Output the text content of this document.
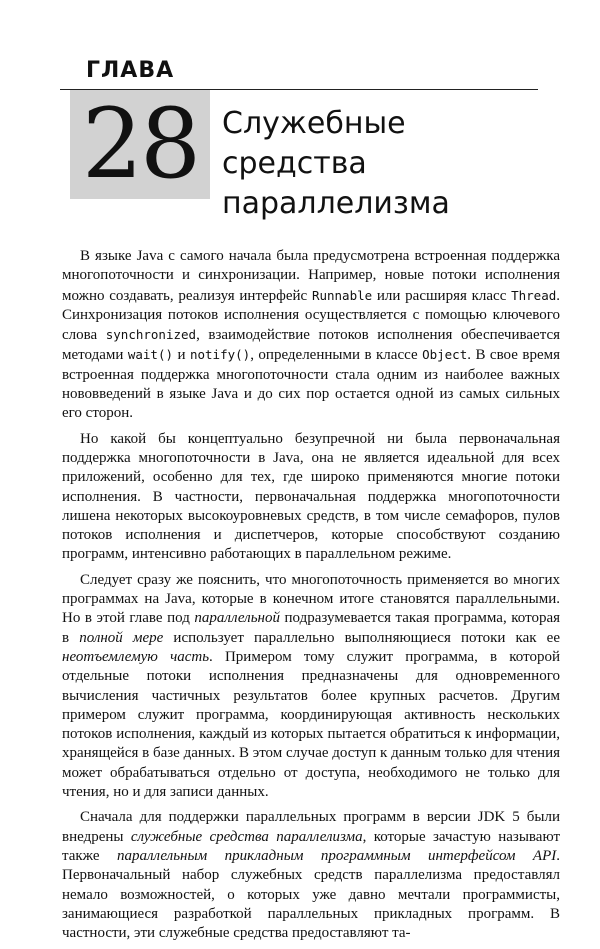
ГЛАВА
28 Служебные средства
параллелизма

В языке Java с самого начала была предусмотрена встроенная поддержка многопоточности и синхронизации. Например, новые потоки исполнения можно создавать, реализуя интерфейс Runnable или расширяя класс Thread. Синхронизация потоков исполнения осуществляется с помощью ключевого слова synchronized, взаимодействие потоков исполнения обеспечивается методами wait() и notify(), определенными в классе Object. В свое время встроенная поддержка многопоточности стала одним из наиболее важных нововведений в языке Java и до сих пор остается одной из самых сильных его сторон.

Но какой бы концептуально безупречной ни была первоначальная поддержка многопоточности в Java, она не является идеальной для всех приложений, особенно для тех, где широко применяются многие потоки исполнения. В частности, первоначальная поддержка многопоточности лишена некоторых высокоуровневых средств, в том числе семафоров, пулов потоков исполнения и диспетчеров, которые способствуют созданию программ, интенсивно работающих в параллельном режиме.

Следует сразу же пояснить, что многопоточность применяется во многих программах на Java, которые в конечном итоге становятся параллельными. Но в этой главе под параллельной подразумевается такая программа, которая в полной мере использует параллельно выполняющиеся потоки как ее неотъемлемую часть. Примером тому служит программа, в которой отдельные потоки исполнения предназначены для одновременного вычисления частичных результатов более крупных расчетов. Другим примером служит программа, координирующая активность нескольких потоков исполнения, каждый из которых пытается обратиться к информации, хранящейся в базе данных. В этом случае доступ к данным только для чтения может обрабатываться отдельно от доступа, необходимого не только для чтения, но и для записи данных.

Сначала для поддержки параллельных программ в версии JDK 5 были внедрены служебные средства параллелизма, которые зачастую называют также параллельным прикладным программным интерфейсом API. Первоначальный набор служебных средств параллелизма предоставлял немало возможностей, о которых уже давно мечтали программисты, занимающиеся разработкой параллельных прикладных программ. В частности, эти служебные средства предоставляют та-
